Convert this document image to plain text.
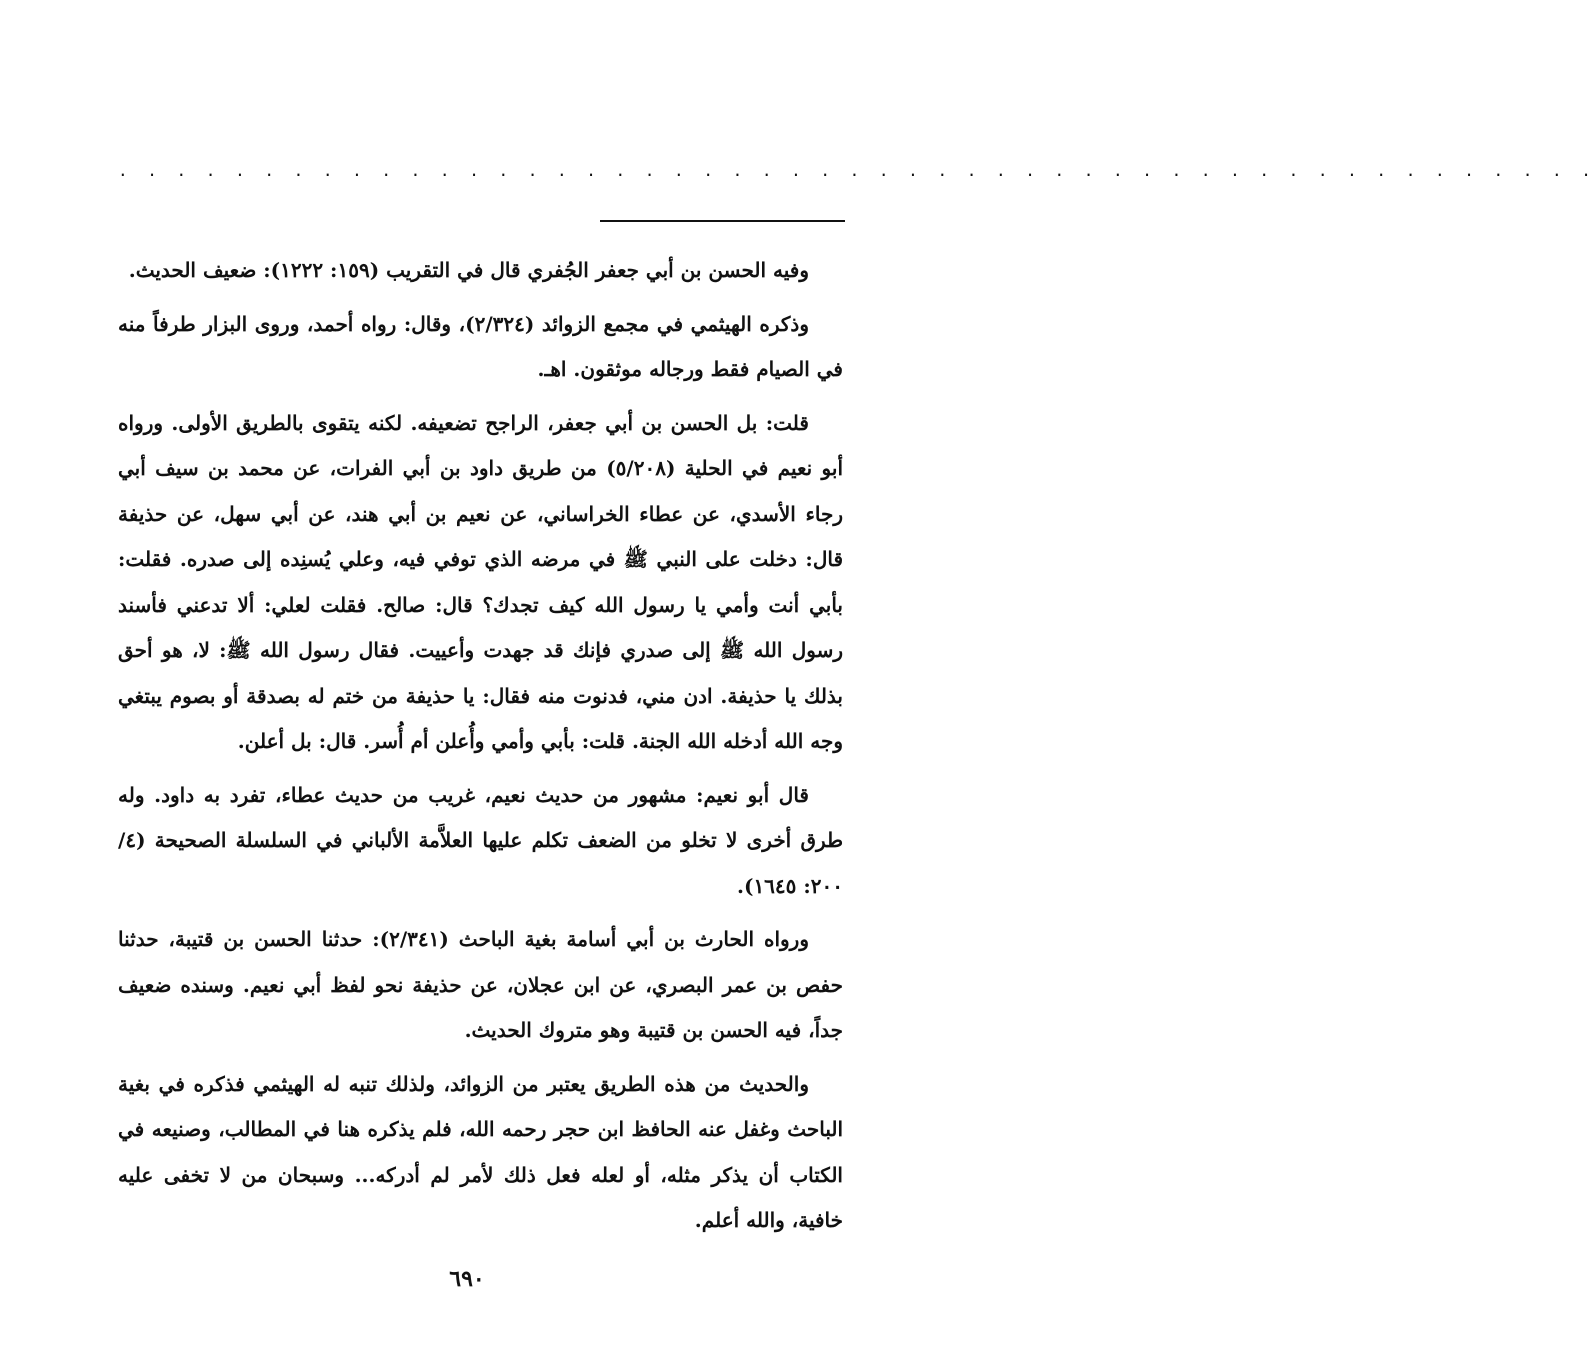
. . . . . . . . . . . . . . . . . . . . . . . . . . . . . . . . . . . . . . . . . . . . . . . . . . .

وفيه الحسن بن أبي جعفر الجُفري قال في التقريب (١٥٩: ١٢٢٢): ضعيف الحديث.

وذكره الهيثمي في مجمع الزوائد (٢/٣٢٤)، وقال: رواه أحمد، وروى البزار طرفاً منه في الصيام فقط ورجاله موثقون. اهـ.

قلت: بل الحسن بن أبي جعفر، الراجح تضعيفه. لكنه يتقوى بالطريق الأولى. ورواه أبو نعيم في الحلية (٥/٢٠٨) من طريق داود بن أبي الفرات، عن محمد بن سيف أبي رجاء الأسدي، عن عطاء الخراساني، عن نعيم بن أبي هند، عن أبي سهل، عن حذيفة قال: دخلت على النبي ﷺ في مرضه الذي توفي فيه، وعلي يُسنِده إلى صدره. فقلت: بأبي أنت وأمي يا رسول الله كيف تجدك؟ قال: صالح. فقلت لعلي: ألا تدعني فأسند رسول الله ﷺ إلى صدري فإنك قد جهدت وأعييت. فقال رسول الله ﷺ: لا، هو أحق بذلك يا حذيفة. ادن مني، فدنوت منه فقال: يا حذيفة من ختم له بصدقة أو بصوم يبتغي وجه الله أدخله الله الجنة. قلت: بأبي وأمي وأُعلن أم أُسر. قال: بل أعلن.

قال أبو نعيم: مشهور من حديث نعيم، غريب من حديث عطاء، تفرد به داود. وله طرق أخرى لا تخلو من الضعف تكلم عليها العلاَّمة الألباني في السلسلة الصحيحة (٤/ ٢٠٠: ١٦٤٥).

ورواه الحارث بن أبي أسامة بغية الباحث (٢/٣٤١): حدثنا الحسن بن قتيبة، حدثنا حفص بن عمر البصري، عن ابن عجلان، عن حذيفة نحو لفظ أبي نعيم. وسنده ضعيف جداً، فيه الحسن بن قتيبة وهو متروك الحديث.

والحديث من هذه الطريق يعتبر من الزوائد، ولذلك تنبه له الهيثمي فذكره في بغية الباحث وغفل عنه الحافظ ابن حجر رحمه الله، فلم يذكره هنا في المطالب، وصنيعه في الكتاب أن يذكر مثله، أو لعله فعل ذلك لأمر لم أدركه... وسبحان من لا تخفى عليه خافية، والله أعلم.

٦٩٠
